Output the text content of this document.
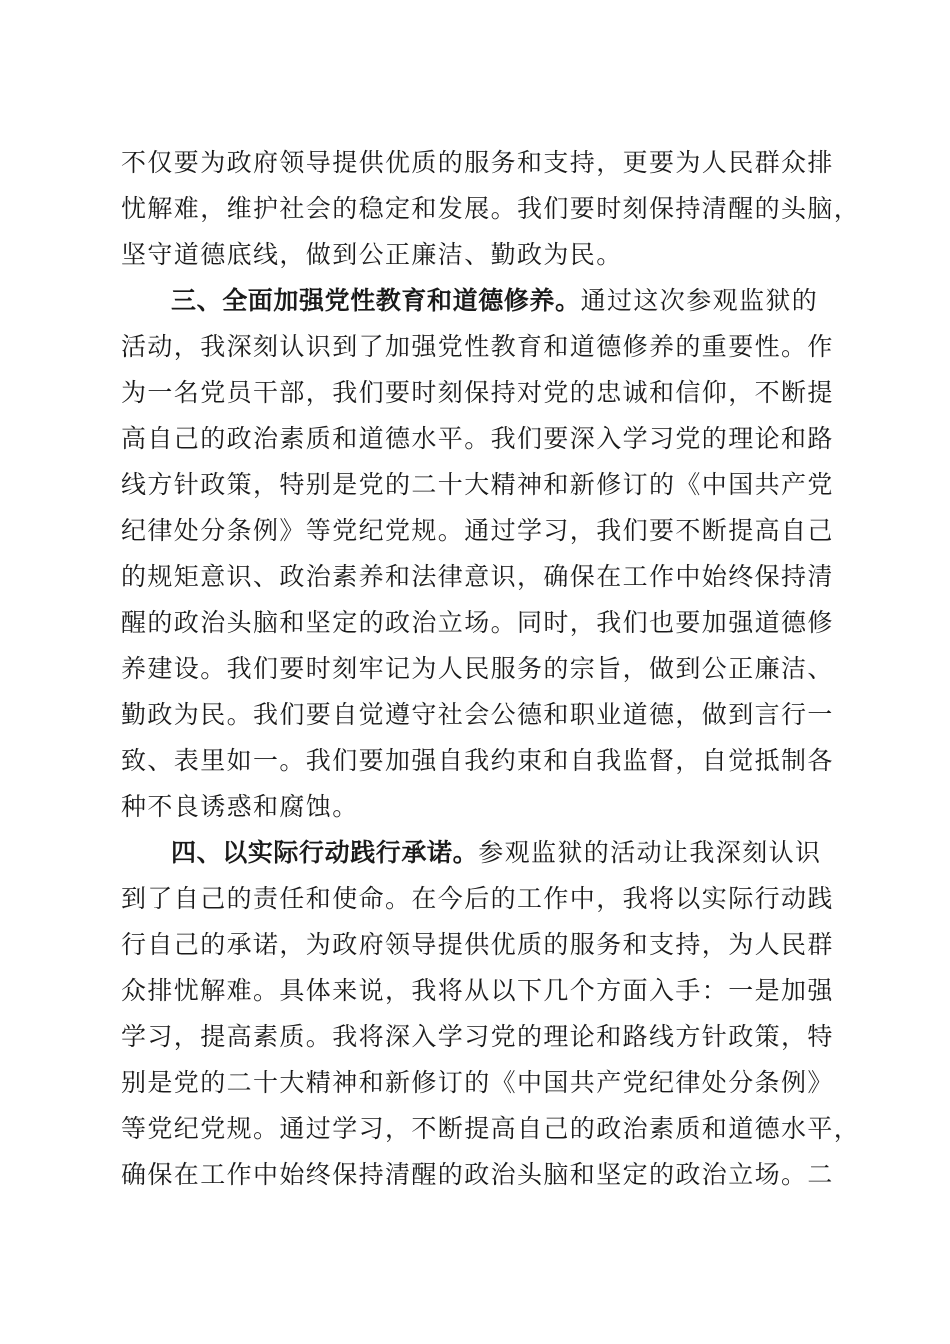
不仅要为政府领导提供优质的服务和支持，更要为人民群众排
忧解难，维护社会的稳定和发展。我们要时刻保持清醒的头脑，
坚守道德底线，做到公正廉洁、勤政为民。
三、全面加强党性教育和道德修养。通过这次参观监狱的
活动，我深刻认识到了加强党性教育和道德修养的重要性。作
为一名党员干部，我们要时刻保持对党的忠诚和信仰，不断提
高自己的政治素质和道德水平。我们要深入学习党的理论和路
线方针政策，特别是党的二十大精神和新修订的《中国共产党
纪律处分条例》等党纪党规。通过学习，我们要不断提高自己
的规矩意识、政治素养和法律意识，确保在工作中始终保持清
醒的政治头脑和坚定的政治立场。同时，我们也要加强道德修
养建设。我们要时刻牢记为人民服务的宗旨，做到公正廉洁、
勤政为民。我们要自觉遵守社会公德和职业道德，做到言行一
致、表里如一。我们要加强自我约束和自我监督，自觉抵制各
种不良诱惑和腐蚀。
四、以实际行动践行承诺。参观监狱的活动让我深刻认识
到了自己的责任和使命。在今后的工作中，我将以实际行动践
行自己的承诺，为政府领导提供优质的服务和支持，为人民群
众排忧解难。具体来说，我将从以下几个方面入手：一是加强
学习，提高素质。我将深入学习党的理论和路线方针政策，特
别是党的二十大精神和新修订的《中国共产党纪律处分条例》
等党纪党规。通过学习，不断提高自己的政治素质和道德水平，
确保在工作中始终保持清醒的政治头脑和坚定的政治立场。二
